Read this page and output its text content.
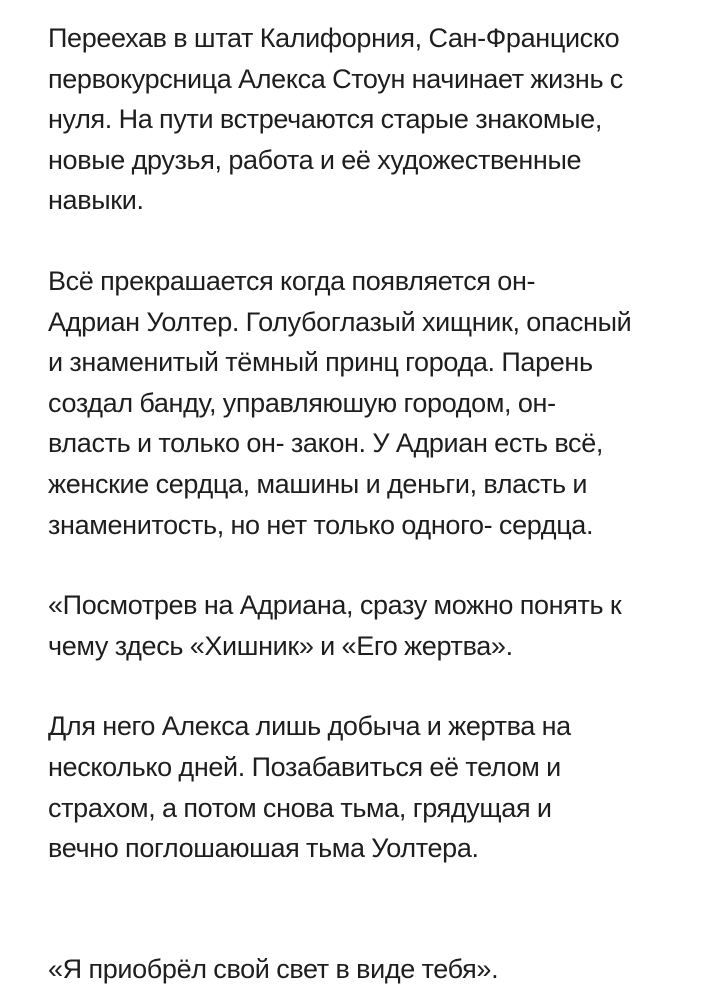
Переехав в штат Калифорния, Сан-Франциско
первокурсница Алекса Стоун начинает жизнь с
нуля. На пути встречаются старые знакомые,
новые друзья, работа и её художественные
навыки.
Всё прекрашается когда появляется он-
Адриан Уолтер. Голубоглазый хищник, опасный
и знаменитый тёмный принц города. Парень
создал банду, управляюшую городом, он-
власть и только он- закон. У Адриан есть всё,
женские сердца, машины и деньги, власть и
знаменитость, но нет только одного- сердца.
«Посмотрев на Адриана, сразу можно понять к
чему здесь «Хишник» и «Его жертва».
Для него Алекса лишь добыча и жертва на
несколько дней. Позабавиться её телом и
страхом, а потом снова тьма, грядущая и
вечно поглошаюшая тьма Уолтера.
«Я приобрёл свой свет в виде тебя».
